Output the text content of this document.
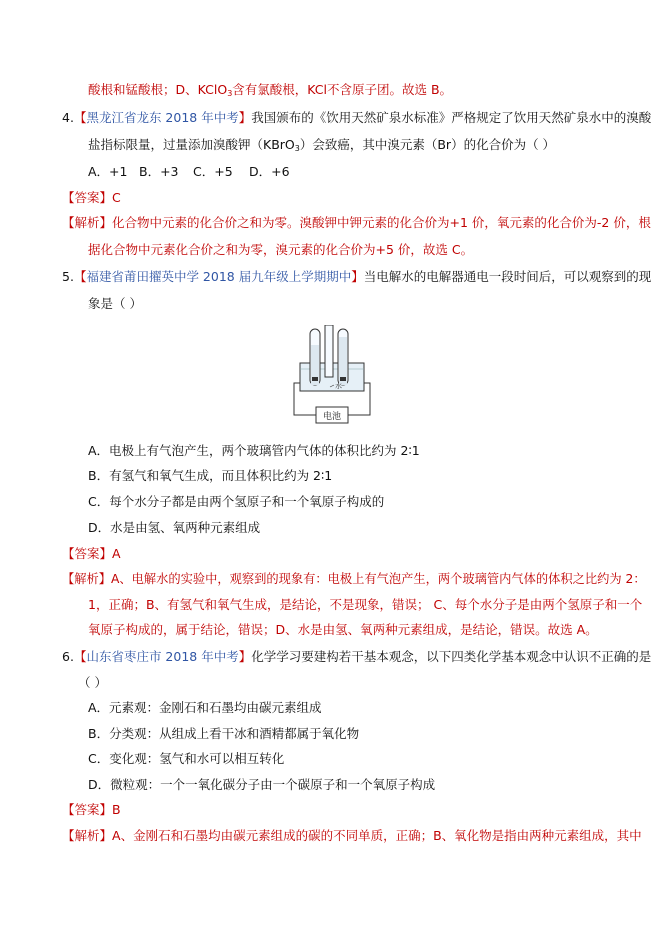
酸根和锰酸根；D、KClO$_3$含有氯酸根，KCl不含原子团。故选 B。
4.【黑龙江省龙东 2018 年中考】我国颁布的《饮用天然矿泉水标准》严格规定了饮用天然矿泉水中的溴酸
盐指标限量，过量添加溴酸钾（KBrO$_3$）会致癌，其中溴元素（Br）的化合价为（ ）
A．+1 B．+3 C．+5 D．+6
【答案】C
【解析】化合物中元素的化合价之和为零。溴酸钾中钾元素的化合价为+1 价，氧元素的化合价为-2 价，根
据化合物中元素化合价之和为零，溴元素的化合价为+5 价，故选 C。
5.【福建省莆田擢英中学 2018 届九年级上学期期中】当电解水的电解器通电一段时间后，可以观察到的现
象是（ ）
电池
水
A．电极上有气泡产生，两个玻璃管内气体的体积比约为 2∶1
B．有氢气和氧气生成，而且体积比约为 2∶1
C．每个水分子都是由两个氢原子和一个氧原子构成的
D．水是由氢、氧两种元素组成
【答案】A
【解析】A、电解水的实验中，观察到的现象有：电极上有气泡产生，两个玻璃管内气体的体积之比约为 2：
1，正确；B、有氢气和氧气生成，是结论，不是现象，错误； C、每个水分子是由两个氢原子和一个
氧原子构成的，属于结论，错误；D、水是由氢、氧两种元素组成，是结论，错误。故选 A。
6.【山东省枣庄市 2018 年中考】化学学习要建构若干基本观念，以下四类化学基本观念中认识不正确的是
（ ）
A．元素观：金刚石和石墨均由碳元素组成
B．分类观：从组成上看干冰和酒精都属于氧化物
C．变化观：氢气和水可以相互转化
D．微粒观：一个一氧化碳分子由一个碳原子和一个氧原子构成
【答案】B
【解析】A、金刚石和石墨均由碳元素组成的碳的不同单质，正确；B、氧化物是指由两种元素组成，其中
